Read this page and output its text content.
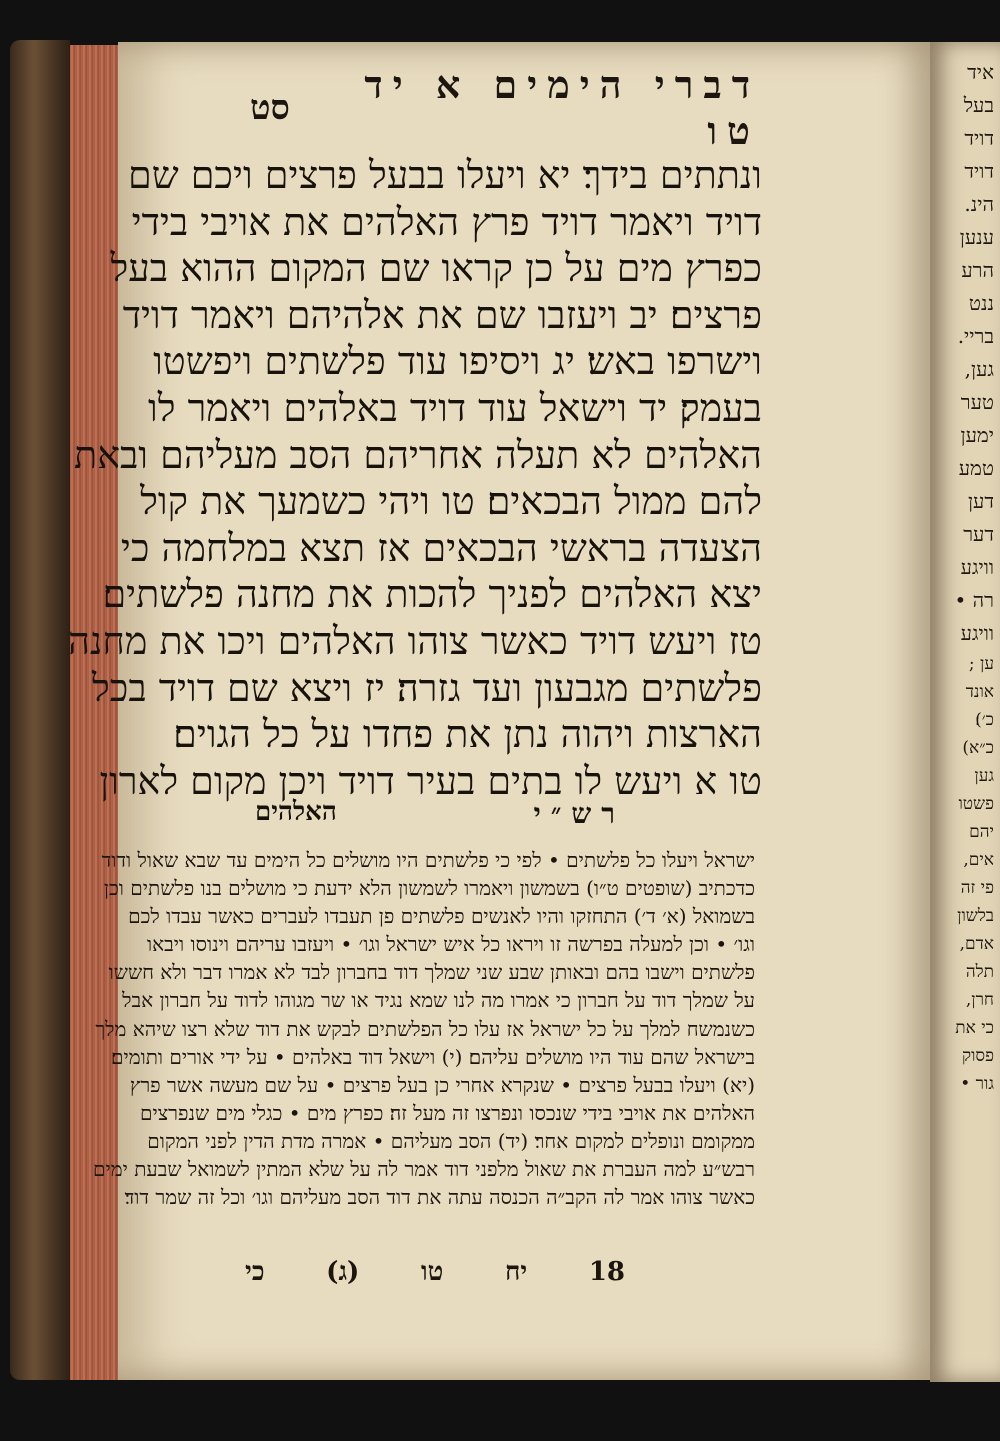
איד
בעל
דויד
דויד
הינ.
ענען
הרע
ננט
בריי.
גען,
טער
ימען
טמע
דען
דער
וויגע
רה •
וויגע
ען ;
אונד
כ׳)׃
כ״א)
גען
פשטו
יהם
אים,
פי זה
בלשון
אדם,
תלה
חרן,
כי את
פסוק
גור •
דברי הימים א יד טו
סט
ונתתים בידך׃ יא ויעלו בבעל פרצים ויכם שם
דויד ויאמר דויד פרץ האלהים את אויבי בידי
כפרץ מים על כן קראו שם המקום ההוא בעל
פרצים׃ יב ויעזבו שם את אלהיהם ויאמר דויד
וישרפו באש׃ יג ויסיפו עוד פלשתים ויפשטו
בעמק׃ יד וישאל עוד דויד באלהים ויאמר לו
האלהים לא תעלה אחריהם הסב מעליהם ובאת
להם ממול הבכאים׃ טו ויהי כשמעך את קול
הצעדה בראשי הבכאים אז תצא במלחמה כי
יצא האלהים לפניך להכות את מחנה פלשתים׃
טז ויעש דויד כאשר צוהו האלהים ויכו את מחנה
פלשתים מגבעון ועד גזרה׃ יז ויצא שם דויד בכל
הארצות ויהוה נתן את פחדו על כל הגוים׃
טו א ויעש לו בתים בעיר דויד ויכן מקום לארון
רש״י
האלהים
ישראל ויעלו כל פלשתים • לפי כי פלשתים היו מושלים כל הימים עד שבא שאול ודוד
כדכתיב (שופטים ט״ו) בשמשון ויאמרו לשמשון הלא ידעת כי מושלים בנו פלשתים וכן
בשמואל (א׳ ד׳) התחזקו והיו לאנשים פלשתים פן תעבדו לעברים כאשר עבדו לכם
וגו׳ • וכן למעלה בפרשה זו ויראו כל איש ישראל וגו׳ • ויעזבו עריהם וינוסו ויבאו
פלשתים וישבו בהם ובאותן שבע שני שמלך דוד בחברון לבד לא אמרו דבר ולא חששו
על שמלך דוד על חברון כי אמרו מה לנו שמא נגיד או שר מגוהו לדוד על חברון אבל
כשנמשח למלך על כל ישראל אז עלו כל הפלשתים לבקש את דוד שלא רצו שיהא מלך
בישראל שהם עוד היו מושלים עליהם׃ (י) וישאל דוד באלהים • על ידי אורים ותומים׃
(יא) ויעלו בבעל פרצים • שנקרא אחרי כן בעל פרצים • על שם מעשה אשר פרץ
האלהים את אויבי בידי שנכסו ונפרצו זה מעל זה׃ כפרץ מים • כגלי מים שנפרצים
ממקומם ונופלים למקום אחר׃ (יד) הסב מעליהם • אמרה מדת הדין לפני המקום
רבש״ע למה העברת את שאול מלפני דוד אמר לה על שלא המתין לשמואל שבעת ימים
כאשר צוהו אמר לה הקב״ה הכנסה עתה את דוד הסב מעליהם וגו׳ וכל זה שמר דוד׃
18
יח
טו
(ג)
כי
